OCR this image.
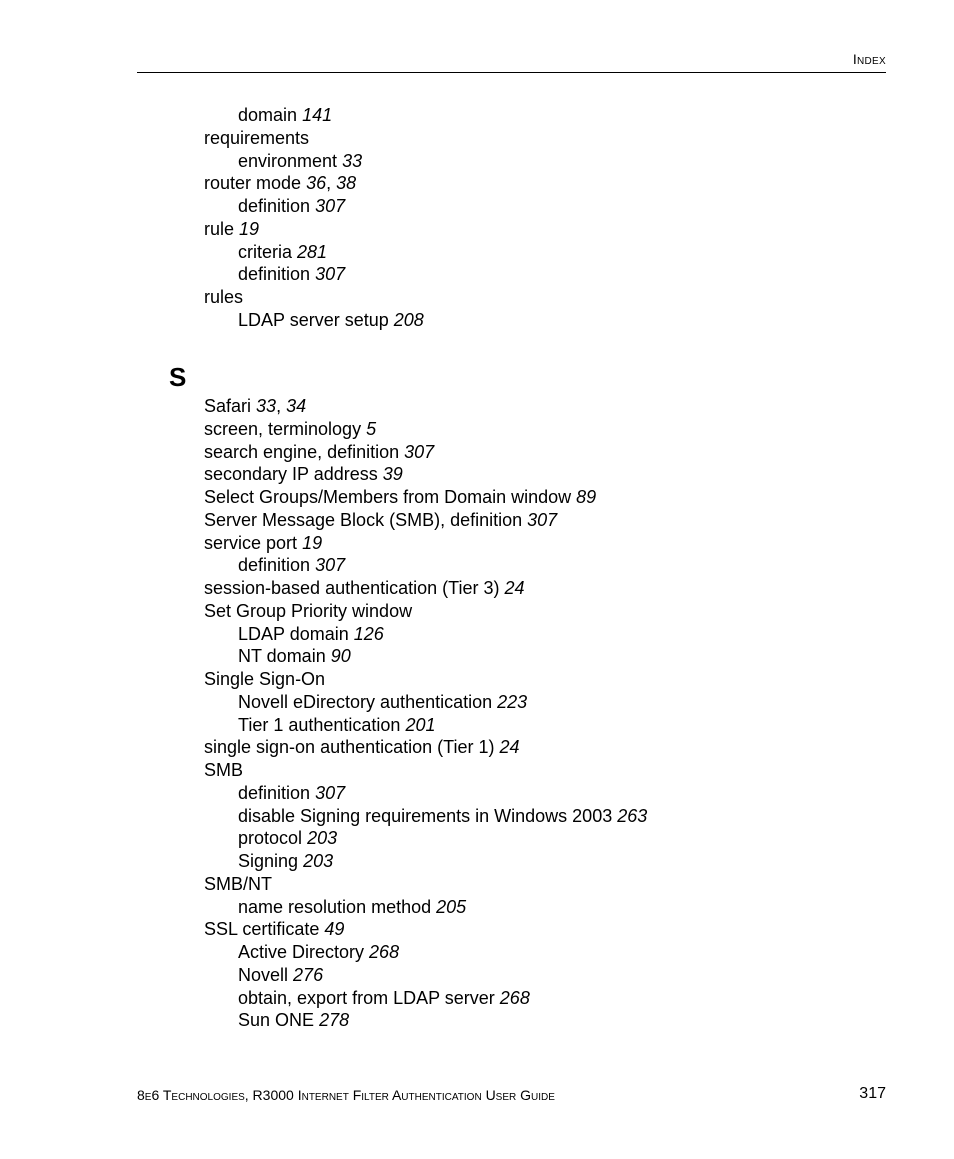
Index
domain 141
requirements
environment 33
router mode 36, 38
definition 307
rule 19
criteria 281
definition 307
rules
LDAP server setup 208
S
Safari 33, 34
screen, terminology 5
search engine, definition 307
secondary IP address 39
Select Groups/Members from Domain window 89
Server Message Block (SMB), definition 307
service port 19
definition 307
session-based authentication (Tier 3) 24
Set Group Priority window
LDAP domain 126
NT domain 90
Single Sign-On
Novell eDirectory authentication 223
Tier 1 authentication 201
single sign-on authentication (Tier 1) 24
SMB
definition 307
disable Signing requirements in Windows 2003 263
protocol 203
Signing 203
SMB/NT
name resolution method 205
SSL certificate 49
Active Directory 268
Novell 276
obtain, export from LDAP server 268
Sun ONE 278
8e6 Technologies, R3000 Internet Filter Authentication User Guide	317
